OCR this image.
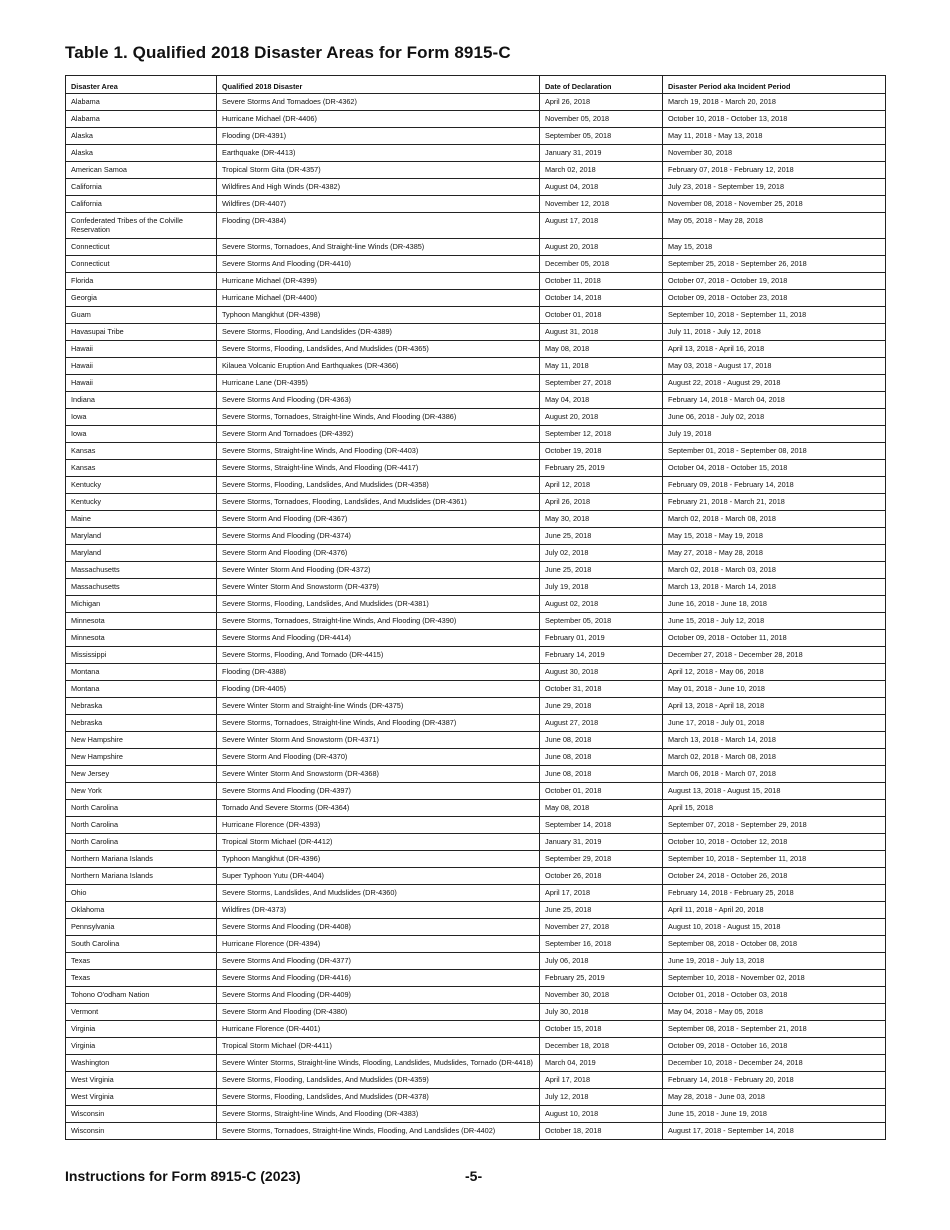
Table 1. Qualified 2018 Disaster Areas for Form 8915-C
Disaster Area	Qualified 2018 Disaster	Date of Declaration	Disaster Period aka Incident Period
Alabama	Severe Storms And Tornadoes (DR-4362)	April 26, 2018	March 19, 2018 - March 20, 2018
Alabama	Hurricane Michael (DR-4406)	November 05, 2018	October 10, 2018 - October 13, 2018
Alaska	Flooding (DR-4391)	September 05, 2018	May 11, 2018 - May 13, 2018
Alaska	Earthquake (DR-4413)	January 31, 2019	November 30, 2018
American Samoa	Tropical Storm Gita (DR-4357)	March 02, 2018	February 07, 2018 - February 12, 2018
California	Wildfires And High Winds (DR-4382)	August 04, 2018	July 23, 2018 - September 19, 2018
California	Wildfires (DR-4407)	November 12, 2018	November 08, 2018 - November 25, 2018
Confederated Tribes of the Colville Reservation	Flooding (DR-4384)	August 17, 2018	May 05, 2018 - May 28, 2018
Connecticut	Severe Storms, Tornadoes, And Straight-line Winds (DR-4385)	August 20, 2018	May 15, 2018
Connecticut	Severe Storms And Flooding (DR-4410)	December 05, 2018	September 25, 2018 - September 26, 2018
Florida	Hurricane Michael (DR-4399)	October 11, 2018	October 07, 2018 - October 19, 2018
Georgia	Hurricane Michael (DR-4400)	October 14, 2018	October 09, 2018 - October 23, 2018
Guam	Typhoon Mangkhut (DR-4398)	October 01, 2018	September 10, 2018 - September 11, 2018
Havasupai Tribe	Severe Storms, Flooding, And Landslides (DR-4389)	August 31, 2018	July 11, 2018 - July 12, 2018
Hawaii	Severe Storms, Flooding, Landslides, And Mudslides (DR-4365)	May 08, 2018	April 13, 2018 - April 16, 2018
Hawaii	Kilauea Volcanic Eruption And Earthquakes (DR-4366)	May 11, 2018	May 03, 2018 - August 17, 2018
Hawaii	Hurricane Lane (DR-4395)	September 27, 2018	August 22, 2018 - August 29, 2018
Indiana	Severe Storms And Flooding (DR-4363)	May 04, 2018	February 14, 2018 - March 04, 2018
Iowa	Severe Storms, Tornadoes, Straight-line Winds, And Flooding (DR-4386)	August 20, 2018	June 06, 2018 - July 02, 2018
Iowa	Severe Storm And Tornadoes (DR-4392)	September 12, 2018	July 19, 2018
Kansas	Severe Storms, Straight-line Winds, And Flooding (DR-4403)	October 19, 2018	September 01, 2018 - September 08, 2018
Kansas	Severe Storms, Straight-line Winds, And Flooding (DR-4417)	February 25, 2019	October 04, 2018 - October 15, 2018
Kentucky	Severe Storms, Flooding, Landslides, And Mudslides (DR-4358)	April 12, 2018	February 09, 2018 - February 14, 2018
Kentucky	Severe Storms, Tornadoes, Flooding, Landslides, And Mudslides (DR-4361)	April 26, 2018	February 21, 2018 - March 21, 2018
Maine	Severe Storm And Flooding (DR-4367)	May 30, 2018	March 02, 2018 - March 08, 2018
Maryland	Severe Storms And Flooding (DR-4374)	June 25, 2018	May 15, 2018 - May 19, 2018
Maryland	Severe Storm And Flooding (DR-4376)	July 02, 2018	May 27, 2018 - May 28, 2018
Massachusetts	Severe Winter Storm And Flooding (DR-4372)	June 25, 2018	March 02, 2018 - March 03, 2018
Massachusetts	Severe Winter Storm And Snowstorm (DR-4379)	July 19, 2018	March 13, 2018 - March 14, 2018
Michigan	Severe Storms, Flooding, Landslides, And Mudslides (DR-4381)	August 02, 2018	June 16, 2018 - June 18, 2018
Minnesota	Severe Storms, Tornadoes, Straight-line Winds, And Flooding (DR-4390)	September 05, 2018	June 15, 2018 - July 12, 2018
Minnesota	Severe Storms And Flooding (DR-4414)	February 01, 2019	October 09, 2018 - October 11, 2018
Mississippi	Severe Storms, Flooding, And Tornado (DR-4415)	February 14, 2019	December 27, 2018 - December 28, 2018
Montana	Flooding (DR-4388)	August 30, 2018	April 12, 2018 - May 06, 2018
Montana	Flooding (DR-4405)	October 31, 2018	May 01, 2018 - June 10, 2018
Nebraska	Severe Winter Storm and Straight-line Winds (DR-4375)	June 29, 2018	April 13, 2018 - April 18, 2018
Nebraska	Severe Storms, Tornadoes, Straight-line Winds, And Flooding (DR-4387)	August 27, 2018	June 17, 2018 - July 01, 2018
New Hampshire	Severe Winter Storm And Snowstorm (DR-4371)	June 08, 2018	March 13, 2018 - March 14, 2018
New Hampshire	Severe Storm And Flooding (DR-4370)	June 08, 2018	March 02, 2018 - March 08, 2018
New Jersey	Severe Winter Storm And Snowstorm (DR-4368)	June 08, 2018	March 06, 2018 - March 07, 2018
New York	Severe Storms And Flooding (DR-4397)	October 01, 2018	August 13, 2018 - August 15, 2018
North Carolina	Tornado And Severe Storms (DR-4364)	May 08, 2018	April 15, 2018
North Carolina	Hurricane Florence (DR-4393)	September 14, 2018	September 07, 2018 - September 29, 2018
North Carolina	Tropical Storm Michael (DR-4412)	January 31, 2019	October 10, 2018 - October 12, 2018
Northern Mariana Islands	Typhoon Mangkhut (DR-4396)	September 29, 2018	September 10, 2018 - September 11, 2018
Northern Mariana Islands	Super Typhoon Yutu (DR-4404)	October 26, 2018	October 24, 2018 - October 26, 2018
Ohio	Severe Storms, Landslides, And Mudslides (DR-4360)	April 17, 2018	February 14, 2018 - February 25, 2018
Oklahoma	Wildfires (DR-4373)	June 25, 2018	April 11, 2018 - April 20, 2018
Pennsylvania	Severe Storms And Flooding (DR-4408)	November 27, 2018	August 10, 2018 - August 15, 2018
South Carolina	Hurricane Florence (DR-4394)	September 16, 2018	September 08, 2018 - October 08, 2018
Texas	Severe Storms And Flooding (DR-4377)	July 06, 2018	June 19, 2018 - July 13, 2018
Texas	Severe Storms And Flooding (DR-4416)	February 25, 2019	September 10, 2018 - November 02, 2018
Tohono O'odham Nation	Severe Storms And Flooding (DR-4409)	November 30, 2018	October 01, 2018 - October 03, 2018
Vermont	Severe Storm And Flooding (DR-4380)	July 30, 2018	May 04, 2018 - May 05, 2018
Virginia	Hurricane Florence (DR-4401)	October 15, 2018	September 08, 2018 - September 21, 2018
Virginia	Tropical Storm Michael (DR-4411)	December 18, 2018	October 09, 2018 - October 16, 2018
Washington	Severe Winter Storms, Straight-line Winds, Flooding, Landslides, Mudslides, Tornado (DR-4418)	March 04, 2019	December 10, 2018 - December 24, 2018
West Virginia	Severe Storms, Flooding, Landslides, And Mudslides (DR-4359)	April 17, 2018	February 14, 2018 - February 20, 2018
West Virginia	Severe Storms, Flooding, Landslides, And Mudslides (DR-4378)	July 12, 2018	May 28, 2018 - June 03, 2018
Wisconsin	Severe Storms, Straight-line Winds, And Flooding (DR-4383)	August 10, 2018	June 15, 2018 - June 19, 2018
Wisconsin	Severe Storms, Tornadoes, Straight-line Winds, Flooding, And Landslides (DR-4402)	October 18, 2018	August 17, 2018 - September 14, 2018
Instructions for Form 8915-C (2023)	-5-
